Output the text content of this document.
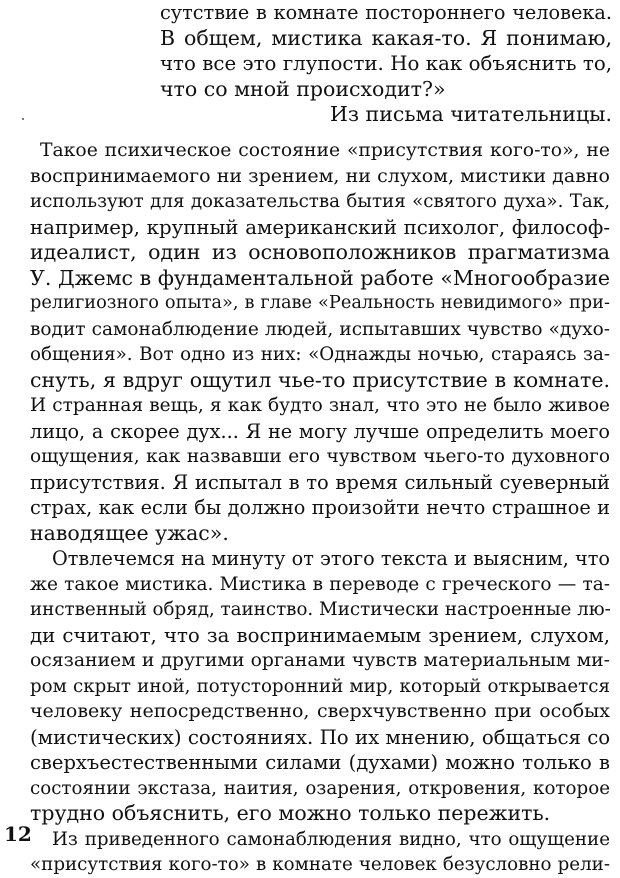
сутствие в комнате постороннего человека.
В общем, мистика какая-то. Я понимаю,
что все это глупости. Но как объяснить то,
что со мной происходит?»
Из письма читательницы.
Такое психическое состояние «присутствия кого-то», не
воспринимаемого ни зрением, ни слухом, мистики давно
используют для доказательства бытия «святого духа». Так,
например, крупный американский психолог, философ-
идеалист, один из основоположников прагматизма
У. Джемс в фундаментальной работе «Многообразие
религиозного опыта», в главе «Реальность невидимого» при-
водит самонаблюдение людей, испытавших чувство «духо-
общения». Вот одно из них: «Однажды ночью, стараясь за-
снуть, я вдруг ощутил чье-то присутствие в комнате.
И странная вещь, я как будто знал, что это не было живое
лицо, а скорее дух... Я не могу лучше определить моего
ощущения, как назвавши его чувством чьего-то духовного
присутствия. Я испытал в то время сильный суеверный
страх, как если бы должно произойти нечто страшное и
наводящее ужас».
Отвлечемся на минуту от этого текста и выясним, что
же такое мистика. Мистика в переводе с греческого — та-
инственный обряд, таинство. Мистически настроенные лю-
ди считают, что за воспринимаемым зрением, слухом,
осязанием и другими органами чувств материальным ми-
ром скрыт иной, потусторонний мир, который открывается
человеку непосредственно, сверхчувственно при особых
(мистических) состояниях. По их мнению, общаться со
сверхъестественными силами (духами) можно только в
состоянии экстаза, наития, озарения, откровения, которое
трудно объяснить, его можно только пережить.
Из приведенного самонаблюдения видно, что ощущение
«присутствия кого-то» в комнате человек безусловно рели-
12
